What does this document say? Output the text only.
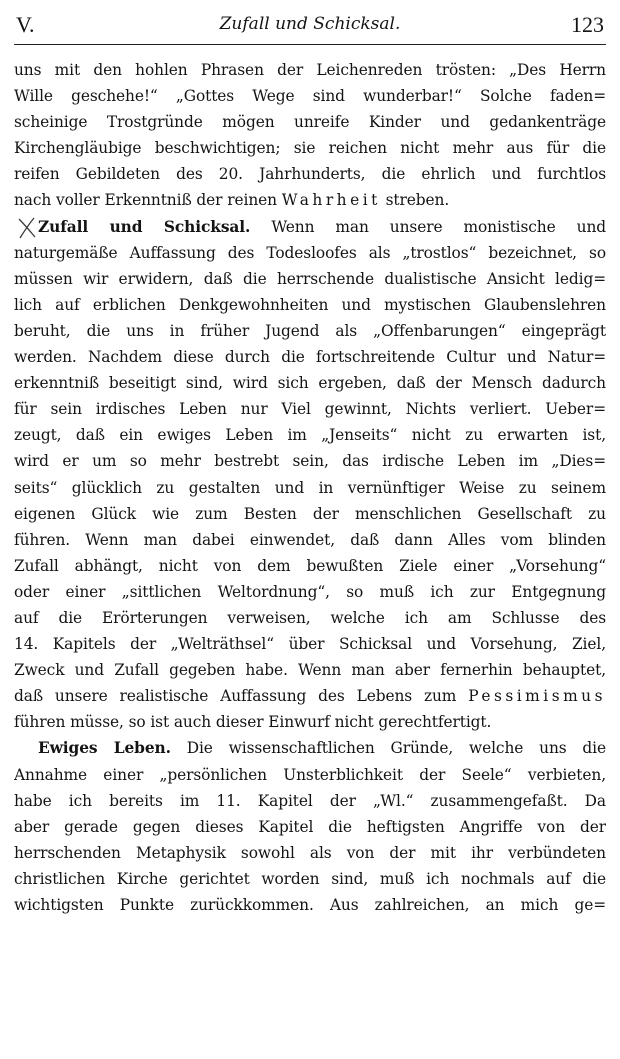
V.	Zufall und Schicksal.	123
uns mit den hohlen Phrasen der Leichenreden trösten: „Des Herrn
Wille geschehe!“ „Gottes Wege sind wunderbar!“ Solche faden=
scheinige Trostgründe mögen unreife Kinder und gedankenträge
Kirchengläubige beschwichtigen; sie reichen nicht mehr aus für die
reifen Gebildeten des 20. Jahrhunderts, die ehrlich und furchtlos
nach voller Erkenntniß der reinen Wahrheit streben.
Zufall und Schicksal. Wenn man unsere monistische und
naturgemäße Auffassung des Todesloofes als „trostlos“ bezeichnet, so
müssen wir erwidern, daß die herrschende dualistische Ansicht ledig=
lich auf erblichen Denkgewohnheiten und mystischen Glaubenslehren
beruht, die uns in früher Jugend als „Offenbarungen“ eingeprägt
werden. Nachdem diese durch die fortschreitende Cultur und Natur=
erkenntniß beseitigt sind, wird sich ergeben, daß der Mensch dadurch
für sein irdisches Leben nur Viel gewinnt, Nichts verliert. Ueber=
zeugt, daß ein ewiges Leben im „Jenseits“ nicht zu erwarten ist,
wird er um so mehr bestrebt sein, das irdische Leben im „Dies=
seits“ glücklich zu gestalten und in vernünftiger Weise zu seinem
eigenen Glück wie zum Besten der menschlichen Gesellschaft zu
führen. Wenn man dabei einwendet, daß dann Alles vom blinden
Zufall abhängt, nicht von dem bewußten Ziele einer „Vorsehung“
oder einer „sittlichen Weltordnung“, so muß ich zur Entgegnung
auf die Erörterungen verweisen, welche ich am Schlusse des
14. Kapitels der „Welträthsel“ über Schicksal und Vorsehung, Ziel,
Zweck und Zufall gegeben habe. Wenn man aber fernerhin behauptet,
daß unsere realistische Auffassung des Lebens zum Pessimismus
führen müsse, so ist auch dieser Einwurf nicht gerechtfertigt.
Ewiges Leben. Die wissenschaftlichen Gründe, welche uns die
Annahme einer „persönlichen Unsterblichkeit der Seele“ verbieten,
habe ich bereits im 11. Kapitel der „Wl.“ zusammengefaßt. Da
aber gerade gegen dieses Kapitel die heftigsten Angriffe von der
herrschenden Metaphysik sowohl als von der mit ihr verbündeten
christlichen Kirche gerichtet worden sind, muß ich nochmals auf die
wichtigsten Punkte zurückkommen. Aus zahlreichen, an mich ge=
